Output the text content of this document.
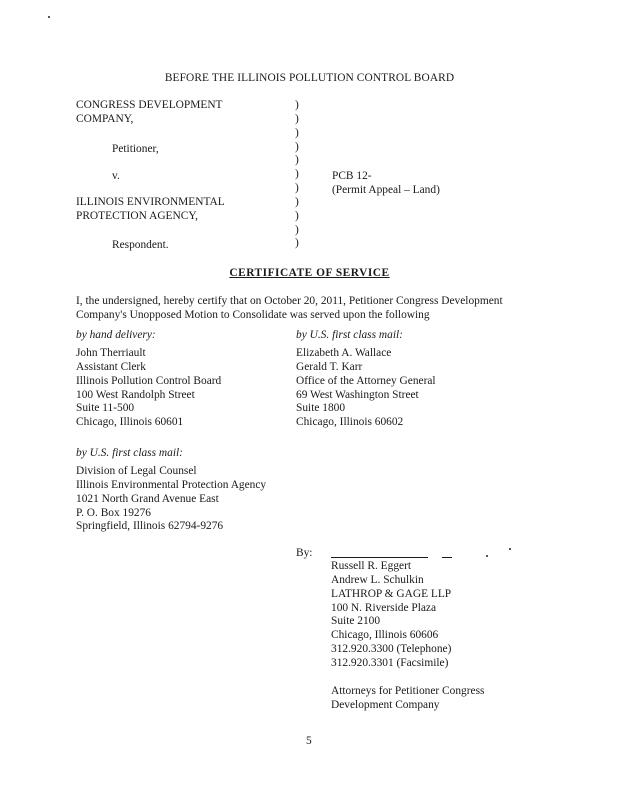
BEFORE THE ILLINOIS POLLUTION CONTROL BOARD
CONGRESS DEVELOPMENT
COMPANY,
Petitioner,
v.
ILLINOIS ENVIRONMENTAL
PROTECTION AGENCY,
Respondent.
)
)
)
)
)
)
)
)
)
)
)
PCB 12-
(Permit Appeal – Land)
CERTIFICATE OF SERVICE
I, the undersigned, hereby certify that on October 20, 2011, Petitioner Congress Development
Company's Unopposed Motion to Consolidate was served upon the following
by hand delivery:
John Therriault
Assistant Clerk
Illinois Pollution Control Board
100 West Randolph Street
Suite 11-500
Chicago, Illinois 60601
by U.S. first class mail:
Elizabeth A. Wallace
Gerald T. Karr
Office of the Attorney General
69 West Washington Street
Suite 1800
Chicago, Illinois 60602
by U.S. first class mail:
Division of Legal Counsel
Illinois Environmental Protection Agency
1021 North Grand Avenue East
P. O. Box 19276
Springfield, Illinois 62794-9276
By:
Russell R. Eggert
Andrew L. Schulkin
LATHROP & GAGE LLP
100 N. Riverside Plaza
Suite 2100
Chicago, Illinois 60606
312.920.3300 (Telephone)
312.920.3301 (Facsimile)
Attorneys for Petitioner Congress
Development Company
5
